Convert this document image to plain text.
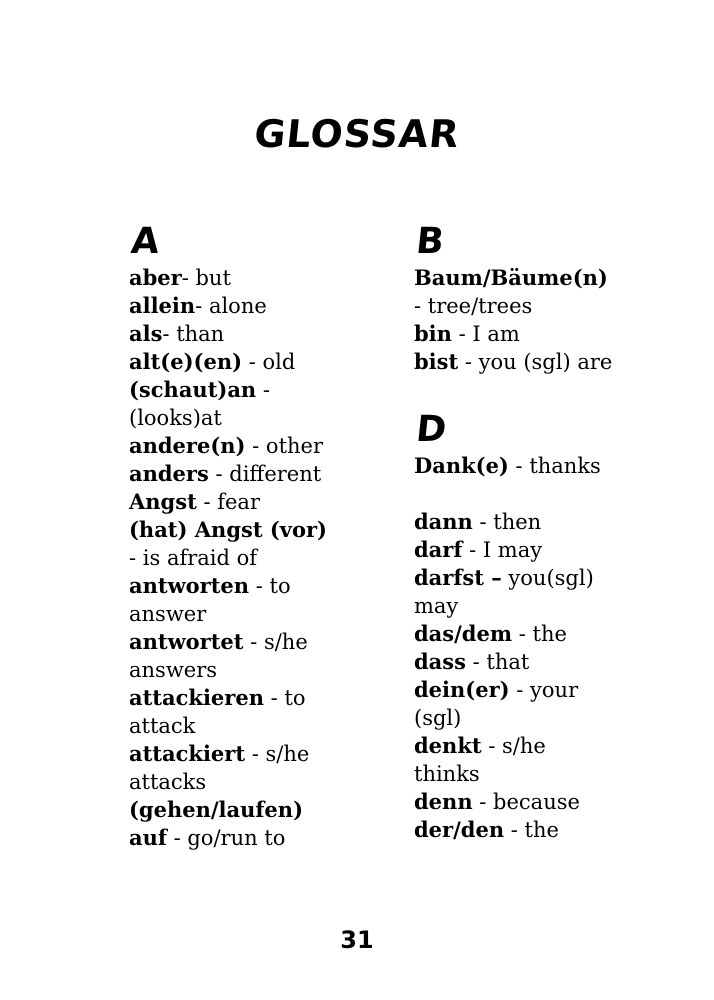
GLOSSAR
A
aber- but
allein- alone
als- than
alt(e)(en) - old
(schaut)an -
(looks)at
andere(n) - other
anders - different
Angst - fear
(hat) Angst (vor)
- is afraid of
antworten - to
answer
antwortet - s/he
answers
attackieren - to
attack
attackiert - s/he
attacks
(gehen/laufen)
auf - go/run to
B
Baum/Bäume(n)
- tree/trees
bin - I am
bist - you (sgl) are
D
Dank(e) - thanks
dann - then
darf - I may
darfst – you(sgl)
may
das/dem - the
dass - that
dein(er) - your
(sgl)
denkt - s/he
thinks
denn - because
der/den - the
31
